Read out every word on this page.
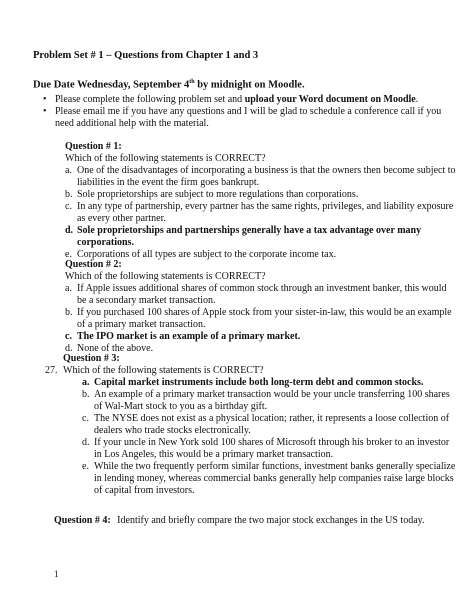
Problem Set # 1 – Questions from Chapter 1 and 3
Due Date Wednesday, September 4th by midnight on Moodle.
• Please complete the following problem set and upload your Word document on Moodle.
• Please email me if you have any questions and I will be glad to schedule a conference call if you need additional help with the material.
Question # 1:
Which of the following statements is CORRECT?
a. One of the disadvantages of incorporating a business is that the owners then become subject to liabilities in the event the firm goes bankrupt.
b. Sole proprietorships are subject to more regulations than corporations.
c. In any type of partnership, every partner has the same rights, privileges, and liability exposure as every other partner.
d. Sole proprietorships and partnerships generally have a tax advantage over many corporations.
e. Corporations of all types are subject to the corporate income tax.
Question # 2:
Which of the following statements is CORRECT?
a. If Apple issues additional shares of common stock through an investment banker, this would be a secondary market transaction.
b. If you purchased 100 shares of Apple stock from your sister-in-law, this would be an example of a primary market transaction.
c. The IPO market is an example of a primary market.
d. None of the above.
Question # 3:
27. Which of the following statements is CORRECT?
a. Capital market instruments include both long-term debt and common stocks.
b. An example of a primary market transaction would be your uncle transferring 100 shares of Wal-Mart stock to you as a birthday gift.
c. The NYSE does not exist as a physical location; rather, it represents a loose collection of dealers who trade stocks electronically.
d. If your uncle in New York sold 100 shares of Microsoft through his broker to an investor in Los Angeles, this would be a primary market transaction.
e. While the two frequently perform similar functions, investment banks generally specialize in lending money, whereas commercial banks generally help companies raise large blocks of capital from investors.
Question # 4: Identify and briefly compare the two major stock exchanges in the US today.
1
